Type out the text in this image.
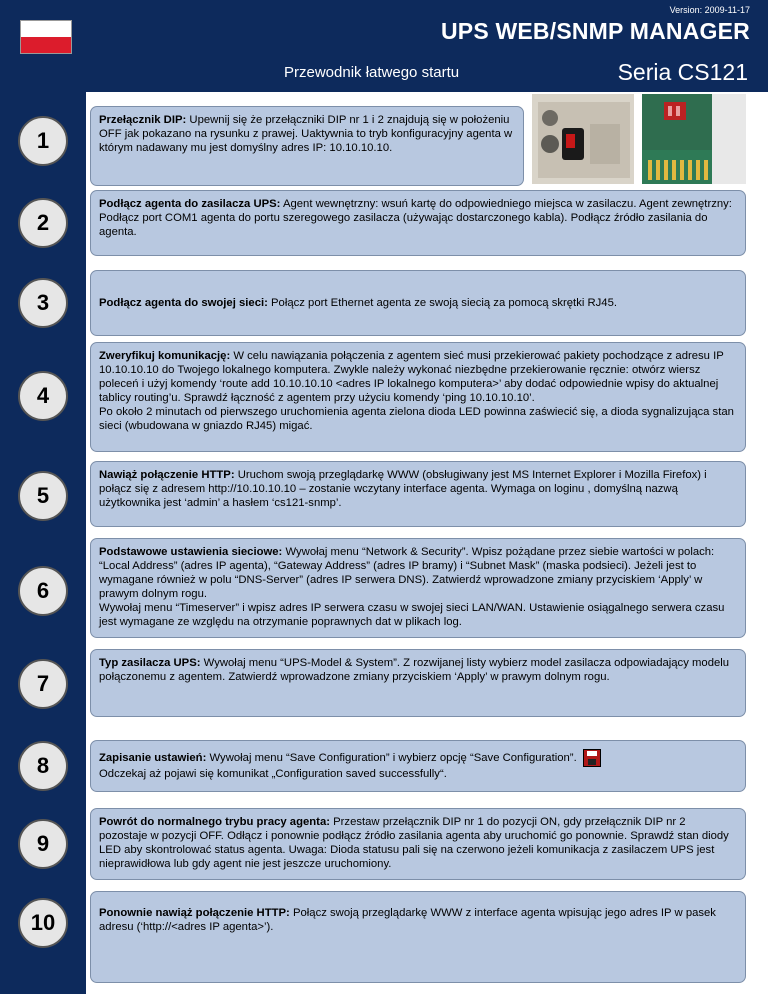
Version: 2009-11-17
UPS WEB/SNMP MANAGER
Przewodnik łatwego startu	Seria CS121
1
2
3
4
5
6
7
8
9
10
Przełącznik DIP: Upewnij się że przełączniki DIP nr 1 i 2 znajdują się w położeniu OFF jak pokazano na rysunku z prawej. Uaktywnia to tryb konfiguracyjny agenta w którym nadawany mu jest domyślny adres IP: 10.10.10.10.
Podłącz agenta do zasilacza UPS: Agent wewnętrzny: wsuń kartę do odpowiedniego miejsca w zasilaczu. Agent zewnętrzny: Podłącz port COM1 agenta do portu szeregowego zasilacza (używając dostarczonego kabla). Podłącz źródło zasilania do agenta.
Podłącz agenta do swojej sieci: Połącz port Ethernet agenta ze swoją siecią za pomocą skrętki RJ45.
Zweryfikuj komunikację: W celu nawiązania połączenia z agentem sieć musi przekierować pakiety pochodzące z adresu IP 10.10.10.10 do Twojego lokalnego komputera. Zwykle należy wykonać niezbędne przekierowanie ręcznie: otwórz wiersz poleceń i użyj komendy ‘route add 10.10.10.10 <adres IP lokalnego komputera>’ aby dodać odpowiednie wpisy do aktualnej tablicy routing’u. Sprawdź łączność z agentem przy użyciu komendy ‘ping 10.10.10.10’.
Po około 2 minutach od pierwszego uruchomienia agenta zielona dioda LED powinna zaświecić się, a dioda sygnalizująca stan sieci (wbudowana w gniazdo RJ45) migać.
Nawiąż połączenie HTTP: Uruchom swoją przeglądarkę WWW (obsługiwany jest MS Internet Explorer i Mozilla Firefox) i połącz się z adresem http://10.10.10.10 – zostanie wczytany interface agenta. Wymaga on loginu , domyślną nazwą użytkownika jest ‘admin’ a hasłem ‘cs121-snmp’.
Podstawowe ustawienia sieciowe: Wywołaj menu “Network & Security”. Wpisz pożądane przez siebie wartości w polach: “Local Address” (adres IP agenta), “Gateway Address” (adres IP bramy) i “Subnet Mask” (maska podsieci). Jeżeli jest to wymagane również w polu “DNS-Server” (adres IP serwera DNS). Zatwierdź wprowadzone zmiany przyciskiem ‘Apply’ w prawym dolnym rogu.
Wywołaj menu “Timeserver” i wpisz adres IP serwera czasu w swojej sieci LAN/WAN. Ustawienie osiągalnego serwera czasu jest wymagane ze względu na otrzymanie poprawnych dat w plikach log.
Typ zasilacza UPS: Wywołaj menu “UPS-Model & System”. Z rozwijanej listy wybierz model zasilacza odpowiadający modelu połączonemu z agentem. Zatwierdź wprowadzone zmiany przyciskiem ‘Apply’ w prawym dolnym rogu.
Zapisanie ustawień: Wywołaj menu “Save Configuration” i wybierz opcję “Save Configuration”.
Odczekaj aż pojawi się komunikat „Configuration saved successfully“.
Powrót do normalnego trybu pracy agenta: Przestaw przełącznik DIP nr 1 do pozycji ON, gdy przełącznik DIP nr 2 pozostaje w pozycji OFF. Odłącz i ponownie podłącz źródło zasilania agenta aby uruchomić go ponownie. Sprawdź stan diody LED aby skontrolować status agenta. Uwaga: Dioda statusu pali się na czerwono jeżeli komunikacja z zasilaczem UPS jest nieprawidłowa lub gdy agent nie jest jeszcze uruchomiony.
Ponownie nawiąż połączenie HTTP: Połącz swoją przeglądarkę WWW z interface agenta wpisując jego adres IP w pasek adresu (‘http://<adres IP agenta>’).
